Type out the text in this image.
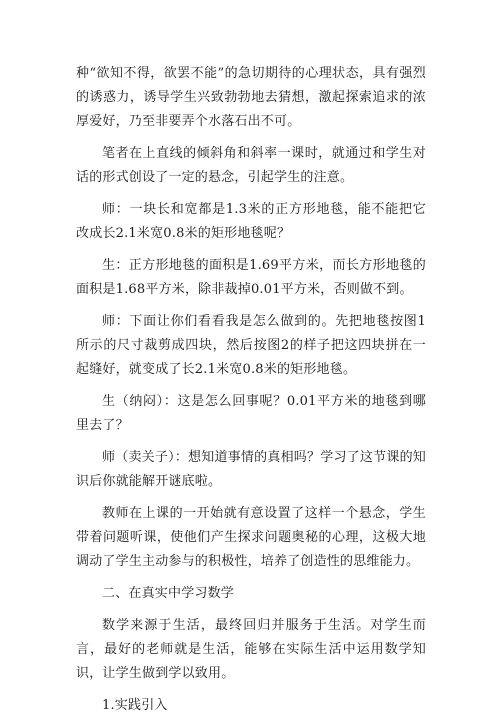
种“欲知不得，欲罢不能”的急切期待的心理状态，具有强烈的诱惑力，诱导学生兴致勃勃地去猜想，激起探索追求的浓厚爱好，乃至非要弄个水落石出不可。

笔者在上直线的倾斜角和斜率一课时，就通过和学生对话的形式创设了一定的悬念，引起学生的注意。

师：一块长和宽都是1.3米的正方形地毯，能不能把它改成长2.1米宽0.8米的矩形地毯呢？

生：正方形地毯的面积是1.69平方米，而长方形地毯的面积是1.68平方米，除非裁掉0.01平方米，否则做不到。

师：下面让你们看看我是怎么做到的。先把地毯按图1所示的尺寸裁剪成四块，然后按图2的样子把这四块拼在一起缝好，就变成了长2.1米宽0.8米的矩形地毯。

生（纳闷）：这是怎么回事呢？0.01平方米的地毯到哪里去了？

师（卖关子）：想知道事情的真相吗？学习了这节课的知识后你就能解开谜底啦。

教师在上课的一开始就有意设置了这样一个悬念，学生带着问题听课，使他们产生探求问题奥秘的心理，这极大地调动了学生主动参与的积极性，培养了创造性的思维能力。

二、在真实中学习数学

数学来源于生活，最终回归并服务于生活。对学生而言，最好的老师就是生活，能够在实际生活中运用数学知识，让学生做到学以致用。

1.实践引入
